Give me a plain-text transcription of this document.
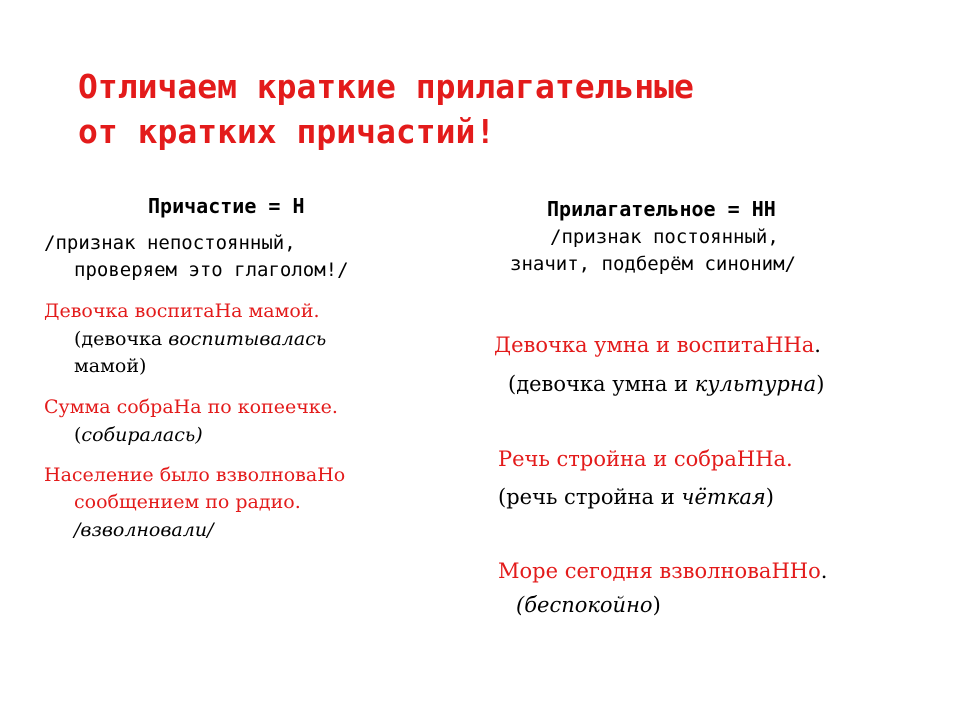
Отличаем краткие прилагательные
от кратких причастий!
Причастие = Н
/признак непостоянный,
проверяем это глаголом!/
Девочка воспитаНа мамой.
(девочка воспитывалась
мамой)
Сумма собраНа по копеечке.
(собиралась)
Население было взволноваНо
сообщением по радио.
/взволновали/
Прилагательное = НН
/признак постоянный,
значит, подберём синоним/
Девочка умна и воспитаННа.
(девочка умна и культурна)
Речь стройна и собраННа.
(речь стройна и чёткая)
Море сегодня взволноваННо.
(беспокойно)
